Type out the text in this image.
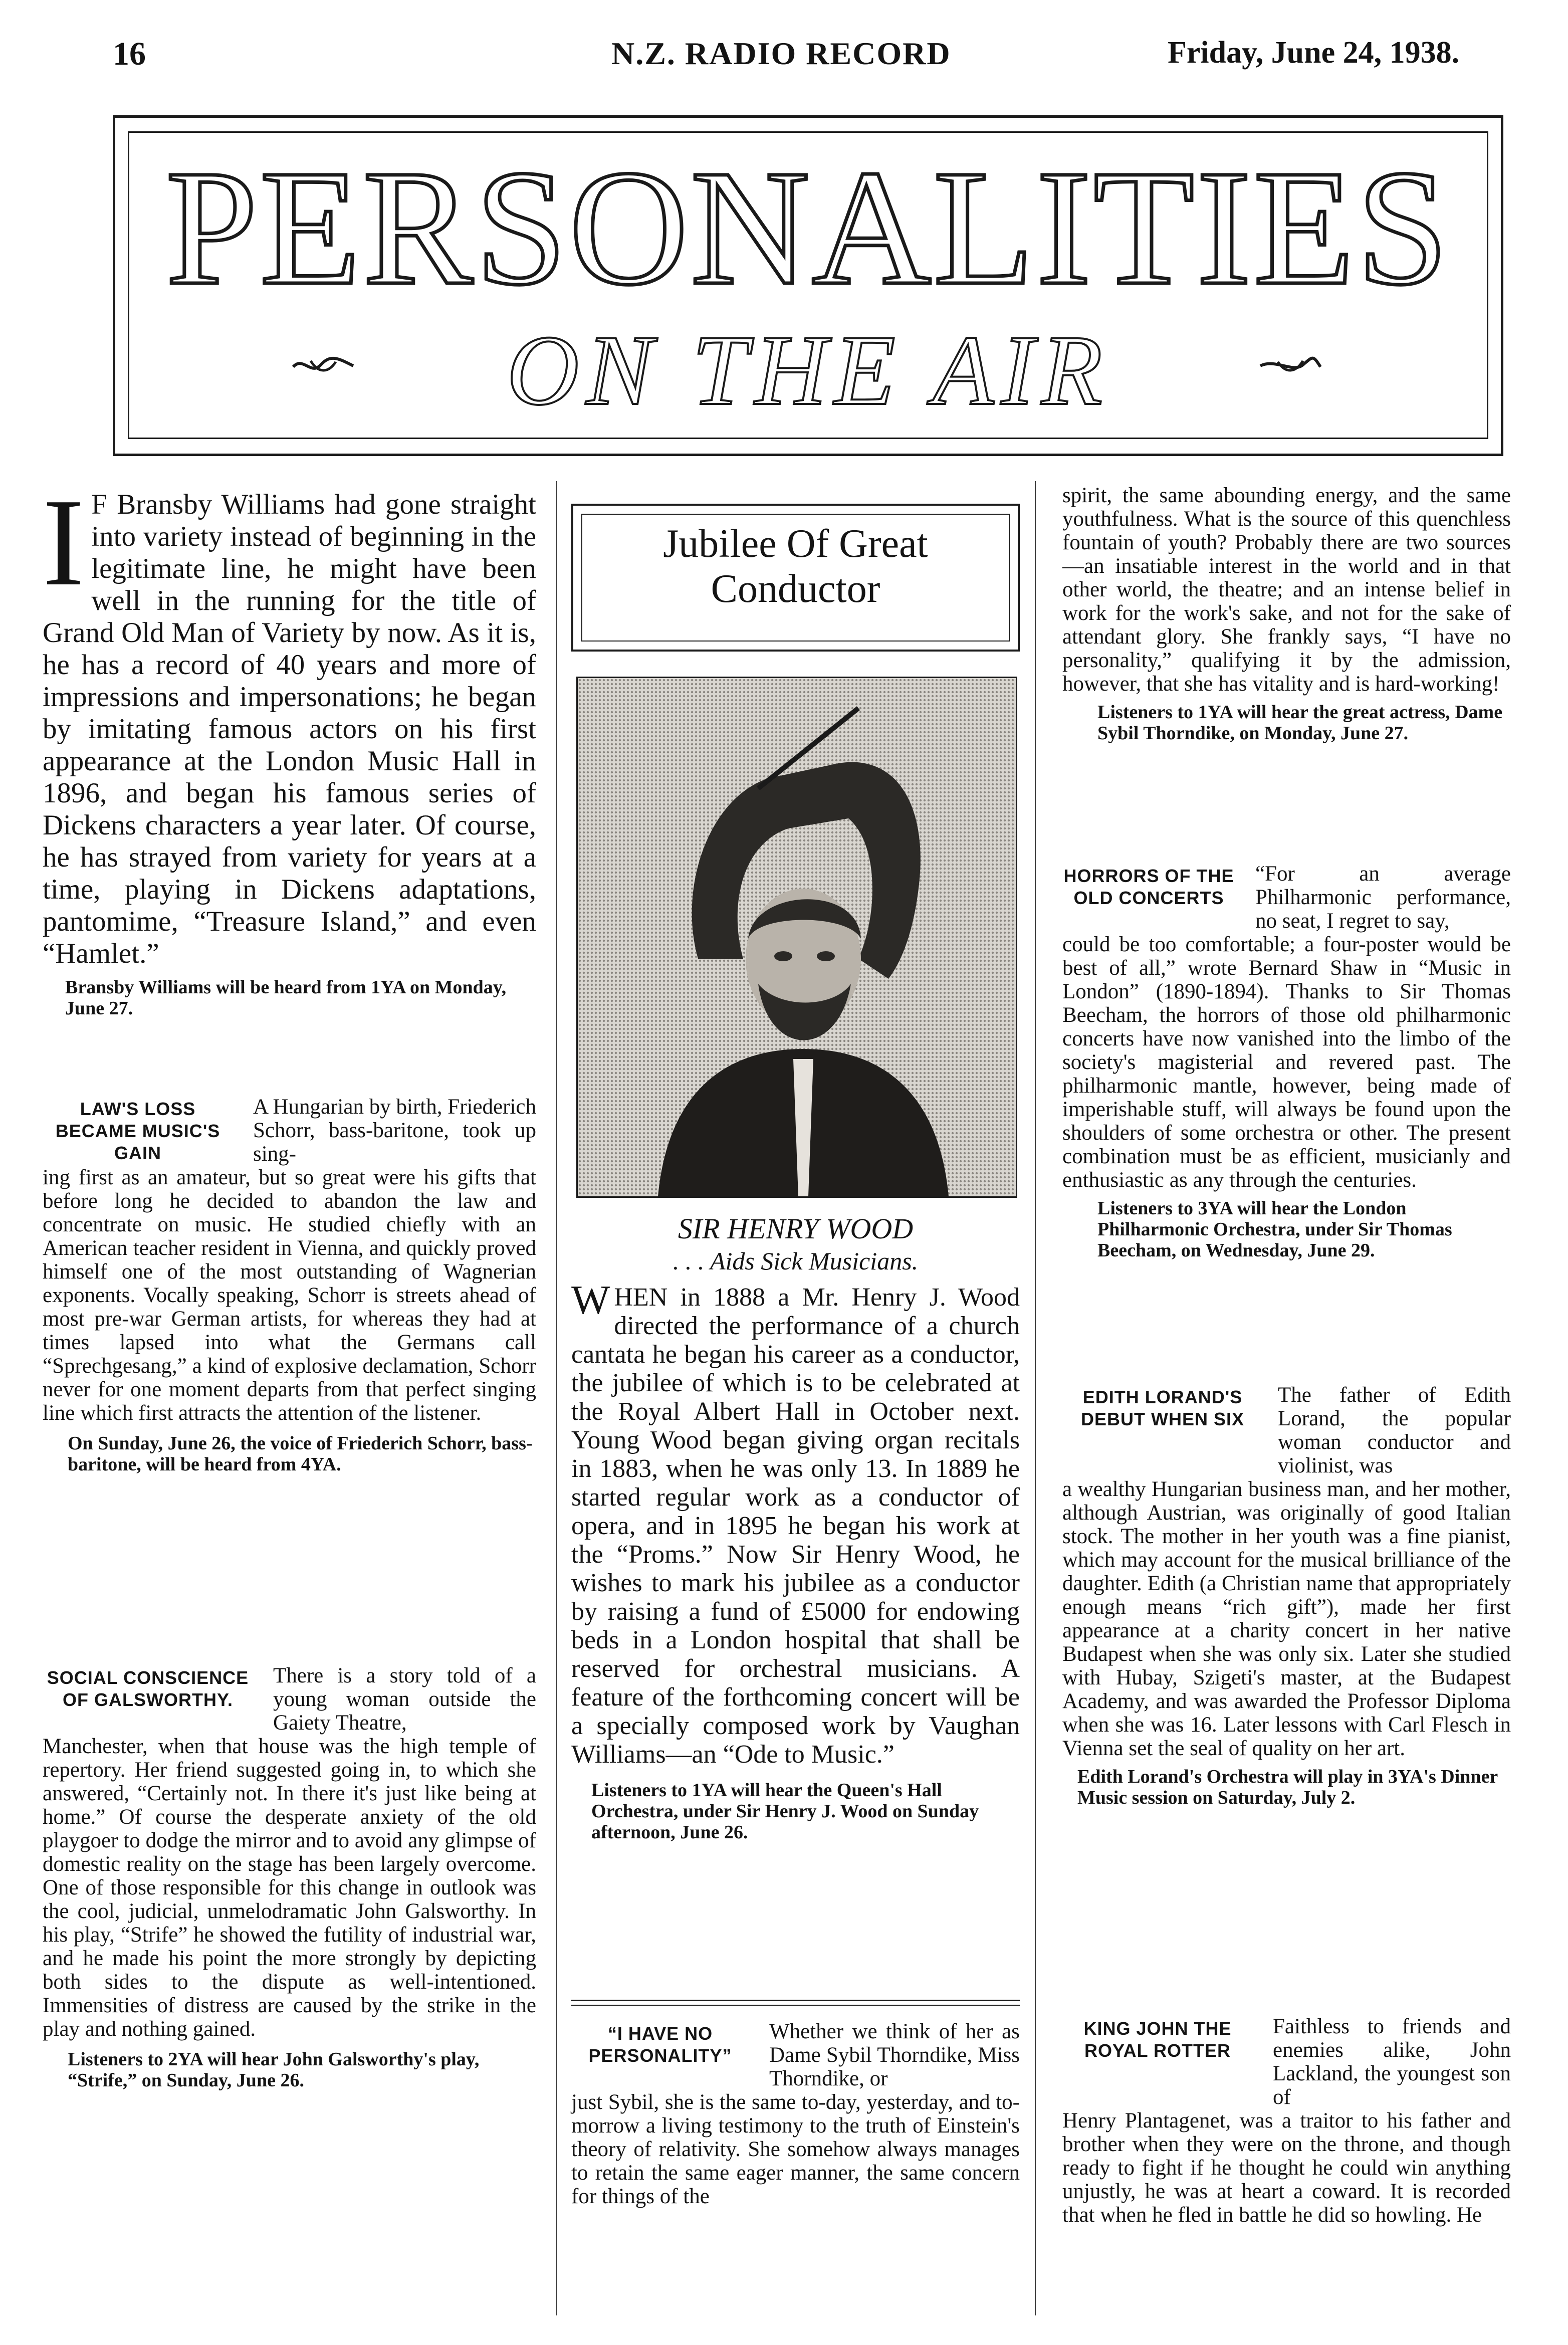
16	N.Z. RADIO RECORD	Friday, June 24, 1938.
PERSONALITIES
ON THE AIR
I F Bransby Williams had gone straight into variety instead of beginning in the legitimate line, he might have been well in the running for the title of Grand Old Man of Variety by now. As it is, he has a record of 40 years and more of impressions and impersonations; he began by imitating famous actors on his first appearance at the London Music Hall in 1896, and began his famous series of Dickens characters a year later. Of course, he has strayed from variety for years at a time, playing in Dickens adaptations, pantomime, “Treasure Island,” and even “Hamlet.”
Bransby Williams will be heard from 1YA on Monday, June 27.
LAW'S LOSS BECAME MUSIC'S GAIN
A Hungarian by birth, Friederich Schorr, bass-baritone, took up sing-
ing first as an amateur, but so great were his gifts that before long he decided to abandon the law and concentrate on music. He studied chiefly with an American teacher resident in Vienna, and quickly proved himself one of the most outstanding of Wagnerian exponents. Vocally speaking, Schorr is streets ahead of most pre-war German artists, for whereas they had at times lapsed into what the Germans call “Sprechgesang,” a kind of explosive declamation, Schorr never for one moment departs from that perfect singing line which first attracts the attention of the listener.
On Sunday, June 26, the voice of Friederich Schorr, bass-baritone, will be heard from 4YA.
SOCIAL CONSCIENCE OF GALSWORTHY.
There is a story told of a young woman outside the Gaiety Theatre,
Manchester, when that house was the high temple of repertory. Her friend suggested going in, to which she answered, “Certainly not. In there it's just like being at home.” Of course the desperate anxiety of the old playgoer to dodge the mirror and to avoid any glimpse of domestic reality on the stage has been largely overcome. One of those responsible for this change in outlook was the cool, judicial, unmelodramatic John Galsworthy. In his play, “Strife” he showed the futility of industrial war, and he made his point the more strongly by depicting both sides to the dispute as well-intentioned. Immensities of distress are caused by the strike in the play and nothing gained.
Listeners to 2YA will hear John Galsworthy's play, “Strife,” on Sunday, June 26.
Jubilee Of Great Conductor
SIR HENRY WOOD
. . . Aids Sick Musicians.
WHEN in 1888 a Mr. Henry J. Wood directed the performance of a church cantata he began his career as a conductor, the jubilee of which is to be celebrated at the Royal Albert Hall in October next. Young Wood began giving organ recitals in 1883, when he was only 13. In 1889 he started regular work as a conductor of opera, and in 1895 he began his work at the “Proms.” Now Sir Henry Wood, he wishes to mark his jubilee as a conductor by raising a fund of £5000 for endowing beds in a London hospital that shall be reserved for orchestral musicians. A feature of the forthcoming concert will be a specially composed work by Vaughan Williams—an “Ode to Music.”
Listeners to 1YA will hear the Queen's Hall Orchestra, under Sir Henry J. Wood on Sunday afternoon, June 26.
“I HAVE NO PERSONALITY”
Whether we think of her as Dame Sybil Thorndike, Miss Thorndike, or
just Sybil, she is the same to-day, yesterday, and to-morrow a living testimony to the truth of Einstein's theory of relativity. She somehow always manages to retain the same eager manner, the same concern for things of the
spirit, the same abounding energy, and the same youthfulness. What is the source of this quenchless fountain of youth? Probably there are two sources —an insatiable interest in the world and in that other world, the theatre; and an intense belief in work for the work's sake, and not for the sake of attendant glory. She frankly says, “I have no personality,” qualifying it by the admission, however, that she has vitality and is hard-working!
Listeners to 1YA will hear the great actress, Dame Sybil Thorndike, on Monday, June 27.
HORRORS OF THE OLD CONCERTS
“For an average Philharmonic performance, no seat, I regret to say,
could be too comfortable; a four-poster would be best of all,” wrote Bernard Shaw in “Music in London” (1890-1894). Thanks to Sir Thomas Beecham, the horrors of those old philharmonic concerts have now vanished into the limbo of the society's magisterial and revered past. The philharmonic mantle, however, being made of imperishable stuff, will always be found upon the shoulders of some orchestra or other. The present combination must be as efficient, musicianly and enthusiastic as any through the centuries.
Listeners to 3YA will hear the London Philharmonic Orchestra, under Sir Thomas Beecham, on Wednesday, June 29.
EDITH LORAND'S DEBUT WHEN SIX
The father of Edith Lorand, the popular woman conductor and violinist, was
a wealthy Hungarian business man, and her mother, although Austrian, was originally of good Italian stock. The mother in her youth was a fine pianist, which may account for the musical brilliance of the daughter. Edith (a Christian name that appropriately enough means “rich gift”), made her first appearance at a charity concert in her native Budapest when she was only six. Later she studied with Hubay, Szigeti's master, at the Budapest Academy, and was awarded the Professor Diploma when she was 16. Later lessons with Carl Flesch in Vienna set the seal of quality on her art.
Edith Lorand's Orchestra will play in 3YA's Dinner Music session on Saturday, July 2.
KING JOHN THE ROYAL ROTTER
Faithless to friends and enemies alike, John Lackland, the youngest son of
Henry Plantagenet, was a traitor to his father and brother when they were on the throne, and though ready to fight if he thought he could win anything unjustly, he was at heart a coward. It is recorded that when he fled in battle he did so howling. He
